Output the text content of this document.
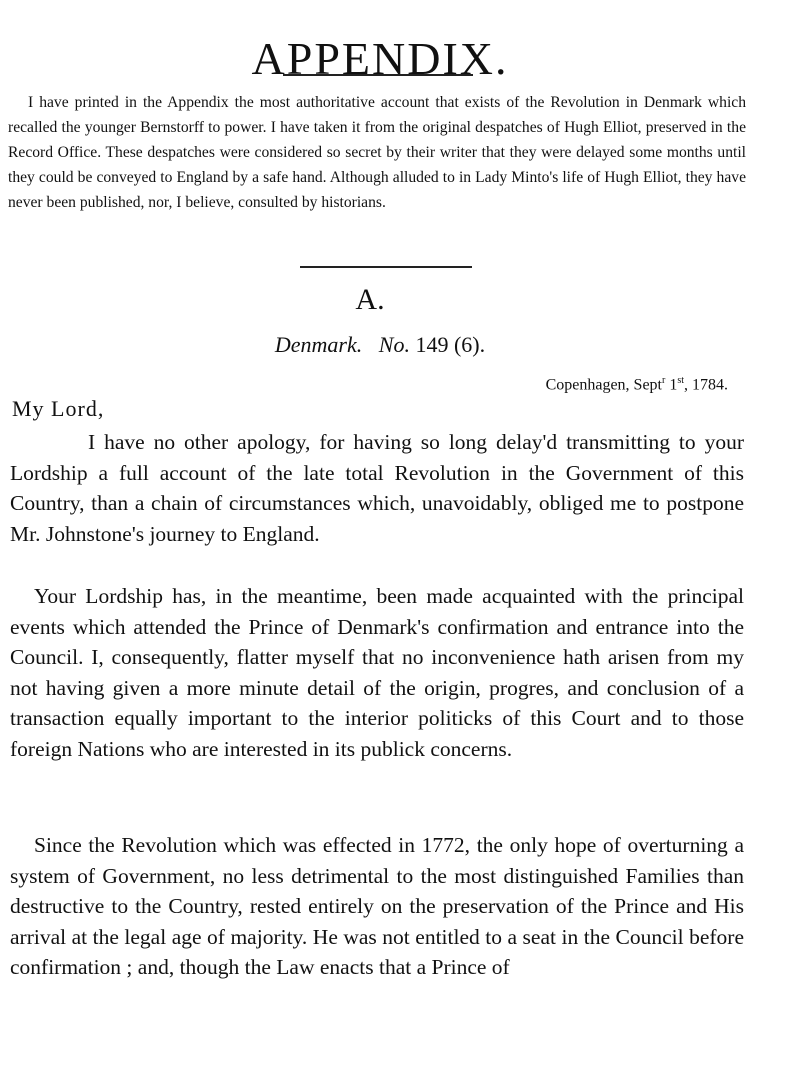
APPENDIX.

I have printed in the Appendix the most authoritative account that exists of the Revolution in Denmark which recalled the younger Bernstorff to power. I have taken it from the original despatches of Hugh Elliot, preserved in the Record Office. These despatches were considered so secret by their writer that they were delayed some months until they could be conveyed to England by a safe hand. Although alluded to in Lady Minto's life of Hugh Elliot, they have never been published, nor, I believe, consulted by historians.

A.
Denmark. No. 149 (6).
Copenhagen, Sept$^r$ 1st, 1784.
My Lord,

I have no other apology, for having so long delay'd transmitting to your Lordship a full account of the late total Revolution in the Government of this Country, than a chain of circumstances which, unavoidably, obliged me to postpone Mr. Johnstone's journey to England.

Your Lordship has, in the meantime, been made acquainted with the principal events which attended the Prince of Denmark's confirmation and entrance into the Council. I, consequently, flatter myself that no inconvenience hath arisen from my not having given a more minute detail of the origin, progres, and conclusion of a transaction equally important to the interior politicks of this Court and to those foreign Nations who are interested in its publick concerns.

Since the Revolution which was effected in 1772, the only hope of overturning a system of Government, no less detrimental to the most distinguished Families than destructive to the Country, rested entirely on the preservation of the Prince and His arrival at the legal age of majority. He was not entitled to a seat in the Council before confirmation ; and, though the Law enacts that a Prince of
